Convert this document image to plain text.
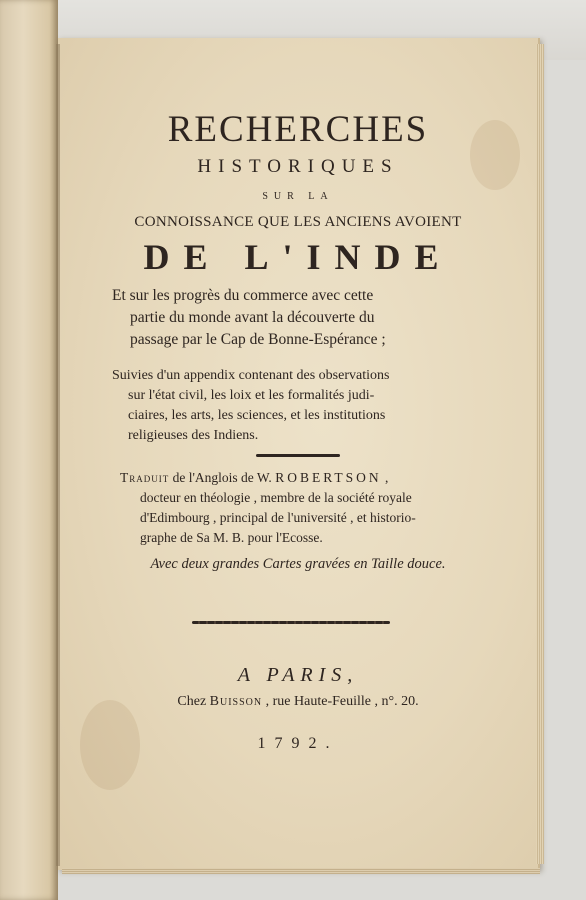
RECHERCHES
HISTORIQUES
SUR LA
CONNOISSANCE QUE LES ANCIENS AVOIENT
DE L'INDE
Et sur les progrès du commerce avec cette
partie du monde avant la découverte du
passage par le Cap de Bonne-Espérance ;
Suivies d'un appendix contenant des observations
sur l'état civil, les loix et les formalités judi-
ciaires, les arts, les sciences, et les institutions
religieuses des Indiens.
Traduit de l'Anglois de W. ROBERTSON ,
docteur en théologie , membre de la société royale
d'Edimbourg , principal de l'université , et historio-
graphe de Sa M. B. pour l'Ecosse.
Avec deux grandes Cartes gravées en Taille douce.
A PARIS,
Chez Buisson , rue Haute-Feuille , n°. 20.
1792.
